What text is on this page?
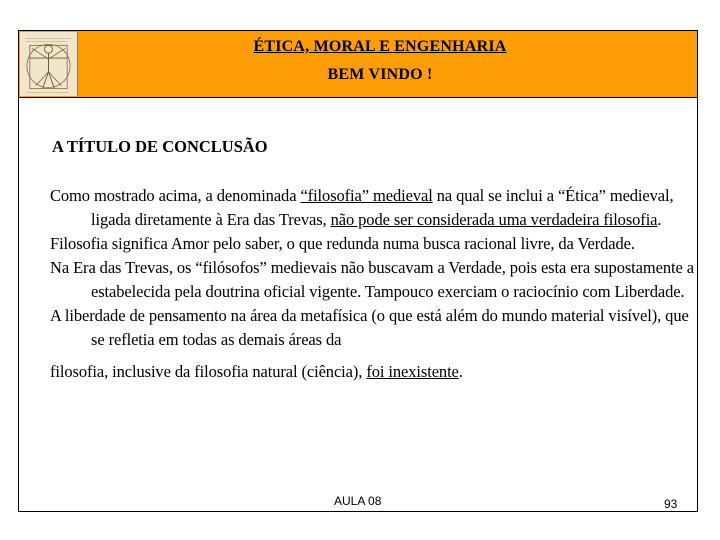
ÉTICA, MORAL E ENGENHARIA
BEM VINDO !
A TÍTULO DE CONCLUSÃO

Como mostrado acima, a denominada “filosofia” medieval na qual se inclui a “Ética” medieval, ligada diretamente à Era das Trevas, não pode ser considerada uma verdadeira filosofia.

Filosofia significa Amor pelo saber, o que redunda numa busca racional livre, da Verdade.

Na Era das Trevas, os “filósofos” medievais não buscavam a Verdade, pois esta era supostamente a estabelecida pela doutrina oficial vigente. Tampouco exerciam o raciocínio com Liberdade.

A liberdade de pensamento na área da metafísica (o que está além do mundo material visível), que se refletia em todas as demais áreas da filosofia, inclusive da filosofia natural (ciência), foi inexistente.

AULA 08	93
